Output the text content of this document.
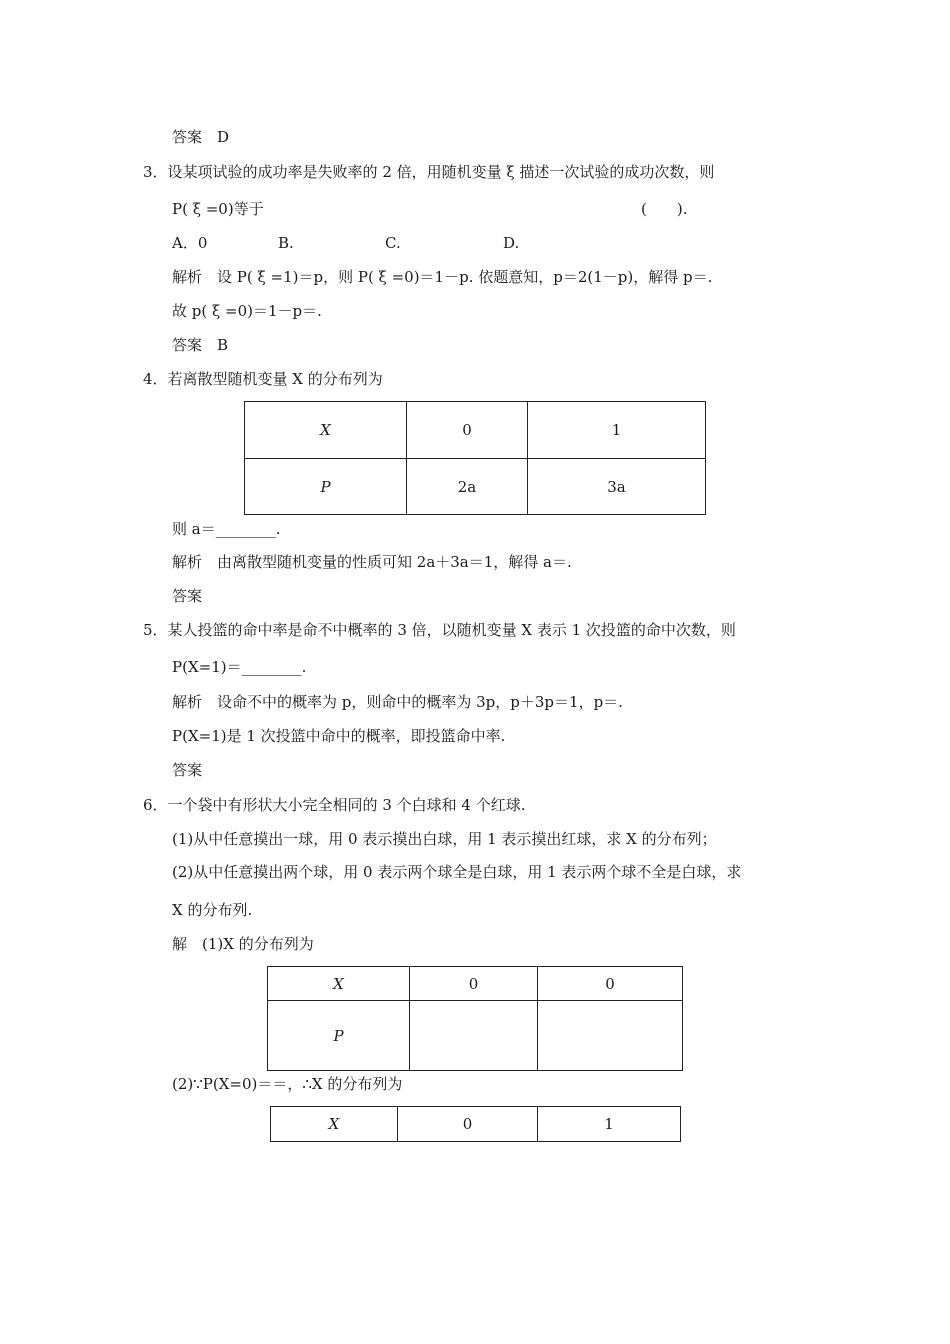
答案　D
3．设某项试验的成功率是失败率的 2 倍，用随机变量 ξ 描述一次试验的成功次数，则
P( ξ =0)等于	(　　).
A．0	B.	C.	D.
解析　设 P( ξ =1)＝p，则 P( ξ =0)＝1－p. 依题意知，p＝2(1－p)，解得 p＝.
故 p( ξ =0)＝1－p＝.
答案　B
4．若离散型随机变量 X 的分布列为
X	0	1
P	2a	3a
则 a＝________.
解析　由离散型随机变量的性质可知 2a＋3a＝1，解得 a＝.
答案
5．某人投篮的命中率是命不中概率的 3 倍，以随机变量 X 表示 1 次投篮的命中次数，则
P(X=1)＝________.
解析　设命不中的概率为 p，则命中的概率为 3p，p＋3p＝1，p＝.
P(X=1)是 1 次投篮中命中的概率，即投篮命中率.
答案
6．一个袋中有形状大小完全相同的 3 个白球和 4 个红球.
(1)从中任意摸出一球，用 0 表示摸出白球，用 1 表示摸出红球，求 X 的分布列；
(2)从中任意摸出两个球，用 0 表示两个球全是白球，用 1 表示两个球不全是白球，求
X 的分布列.
解　(1)X 的分布列为
X	0	0
P		
(2)∵P(X=0)＝＝，∴X 的分布列为
X	0	1
